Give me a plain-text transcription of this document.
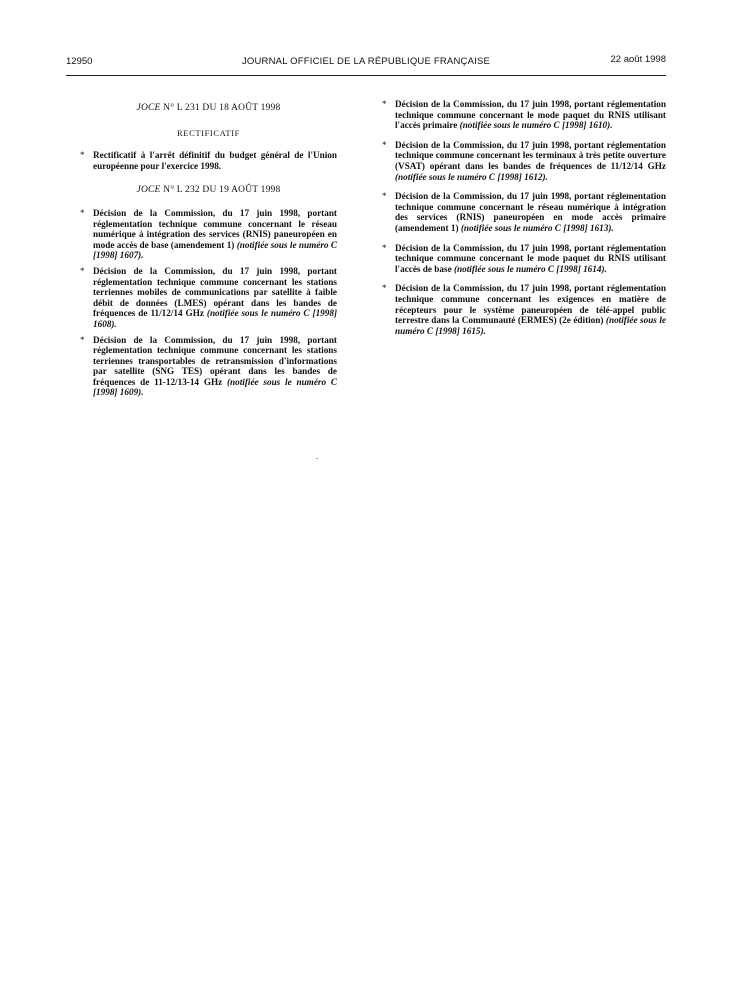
12950	JOURNAL OFFICIEL DE LA RÉPUBLIQUE FRANÇAISE	22 août 1998
JOCE N° L 231 DU 18 AOÛT 1998
RECTIFICATIF
* Rectificatif à l'arrêt définitif du budget général de l'Union européenne pour l'exercice 1998.
JOCE N° L 232 DU 19 AOÛT 1998
* Décision de la Commission, du 17 juin 1998, portant réglementation technique commune concernant le réseau numérique à intégration des services (RNIS) paneuropéen en mode accès de base (amendement 1) (notifiée sous le numéro C [1998] 1607).
* Décision de la Commission, du 17 juin 1998, portant réglementation technique commune concernant les stations terriennes mobiles de communications par satellite à faible débit de données (LMES) opérant dans les bandes de fréquences de 11/12/14 GHz (notifiée sous le numéro C [1998] 1608).
* Décision de la Commission, du 17 juin 1998, portant réglementation technique commune concernant les stations terriennes transportables de retransmission d'informations par satellite (SNG TES) opérant dans les bandes de fréquences de 11-12/13-14 GHz (notifiée sous le numéro C [1998] 1609).
* Décision de la Commission, du 17 juin 1998, portant réglementation technique commune concernant le mode paquet du RNIS utilisant l'accès primaire (notifiée sous le numéro C [1998] 1610).
* Décision de la Commission, du 17 juin 1998, portant réglementation technique commune concernant les terminaux à très petite ouverture (VSAT) opérant dans les bandes de fréquences de 11/12/14 GHz (notifiée sous le numéro C [1998] 1612).
* Décision de la Commission, du 17 juin 1998, portant réglementation technique commune concernant le réseau numérique à intégration des services (RNIS) paneuropéen en mode accès primaire (amendement 1) (notifiée sous le numéro C [1998] 1613).
* Décision de la Commission, du 17 juin 1998, portant réglementation technique commune concernant le mode paquet du RNIS utilisant l'accès de base (notifiée sous le numéro C [1998] 1614).
* Décision de la Commission, du 17 juin 1998, portant réglementation technique commune concernant les exigences en matière de récepteurs pour le système paneuropéen de télé-appel public terrestre dans la Communauté (ERMES) (2e édition) (notifiée sous le numéro C [1998] 1615).
